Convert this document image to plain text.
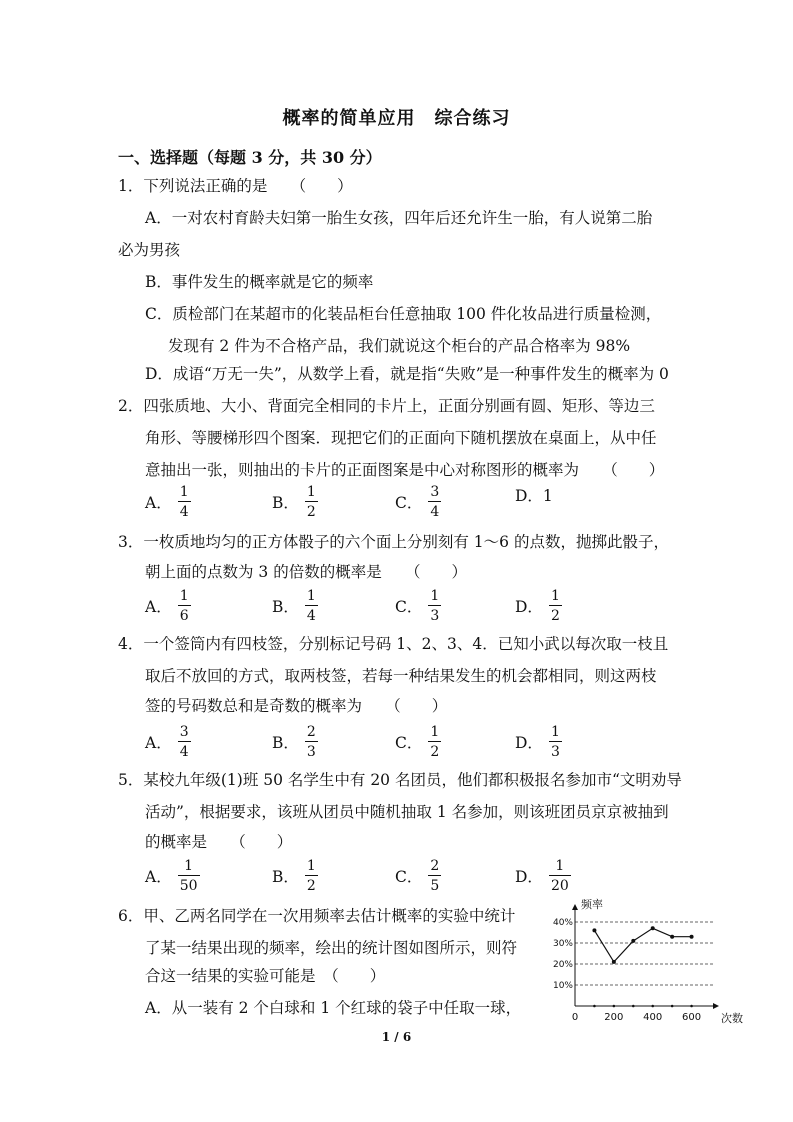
概率的简单应用　综合练习
一、选择题（每题 3 分，共 30 分）
1．下列说法正确的是　　（　　）
A．一对农村育龄夫妇第一胎生女孩，四年后还允许生一胎，有人说第二胎
必为男孩
B．事件发生的概率就是它的频率
C．质检部门在某超市的化装品柜台任意抽取 100 件化妆品进行质量检测，
发现有 2 件为不合格产品，我们就说这个柜台的产品合格率为 98%
D．成语“万无一失”，从数学上看，就是指“失败”是一种事件发生的概率为 0
2．四张质地、大小、背面完全相同的卡片上，正面分别画有圆、矩形、等边三
角形、等腰梯形四个图案．现把它们的正面向下随机摆放在桌面上，从中任
意抽出一张，则抽出的卡片的正面图案是中心对称图形的概率为　　（　　）
A． $\frac{1}{4}$	B． $\frac{1}{2}$	C． $\frac{3}{4}$	D．1
3．一枚质地均匀的正方体骰子的六个面上分别刻有 1～6 的点数，抛掷此骰子，
朝上面的点数为 3 的倍数的概率是　　（　　）
A． $\frac{1}{6}$	B． $\frac{1}{4}$	C． $\frac{1}{3}$	D． $\frac{1}{2}$
4．一个签筒内有四枝签，分别标记号码 1、2、3、4．已知小武以每次取一枝且
取后不放回的方式，取两枝签，若每一种结果发生的机会都相同，则这两枝
签的号码数总和是奇数的概率为　　（　　）
A． $\frac{3}{4}$	B． $\frac{2}{3}$	C． $\frac{1}{2}$	D． $\frac{1}{3}$
5．某校九年级(1)班 50 名学生中有 20 名团员，他们都积极报名参加市“文明劝导
活动”，根据要求，该班从团员中随机抽取 1 名参加，则该班团员京京被抽到
的概率是　　（　　）
A． $\frac{1}{50}$	B． $\frac{1}{2}$	C． $\frac{2}{5}$	D． $\frac{1}{20}$
6．甲、乙两名同学在一次用频率去估计概率的实验中统计
了某一结果出现的频率，绘出的统计图如图所示，则符
合这一结果的实验可能是　（　　）
A．从一装有 2 个白球和 1 个红球的袋子中任取一球，
40%
30%
20%
10%
0	200 400 600
频率
次数
1 / 6
